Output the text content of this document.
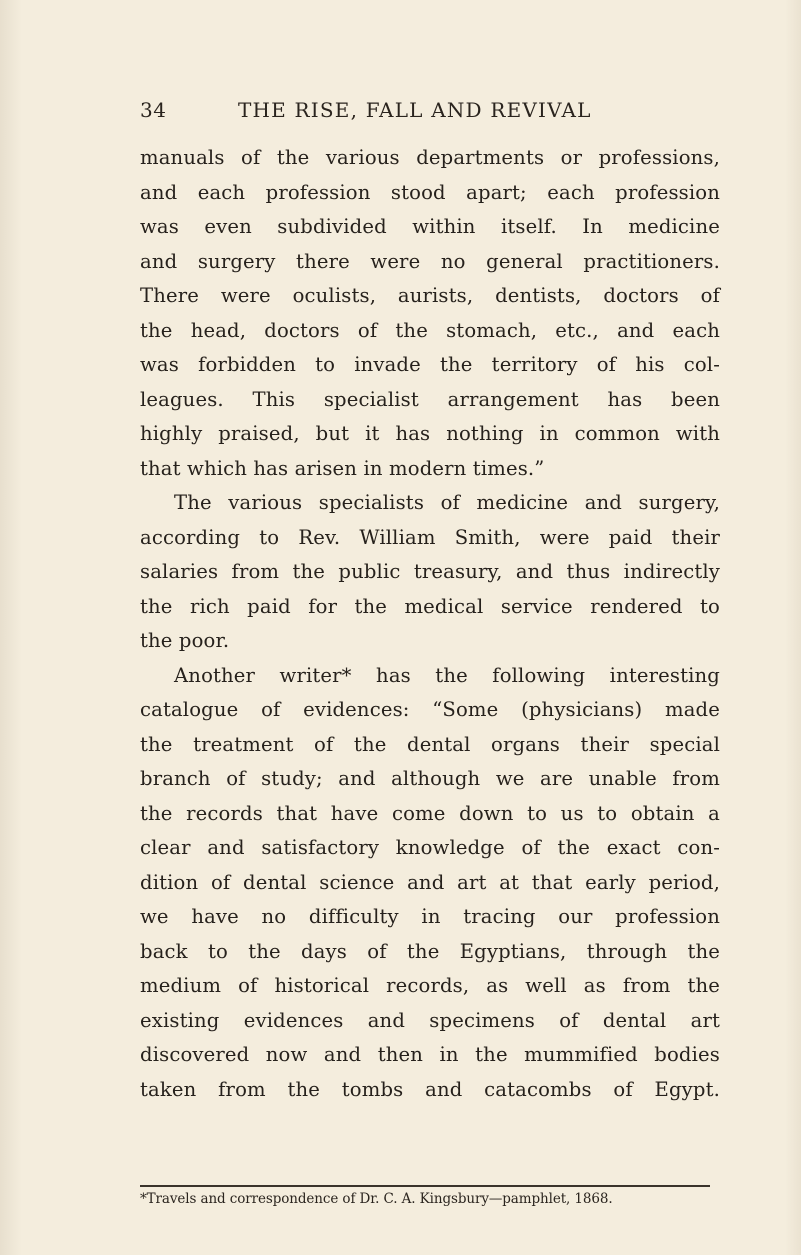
34	THE RISE, FALL AND REVIVAL
manuals of the various departments or professions,
and each profession stood apart; each profession
was even subdivided within itself. In medicine
and surgery there were no general practitioners.
There were oculists, aurists, dentists, doctors of
the head, doctors of the stomach, etc., and each
was forbidden to invade the territory of his col-
leagues. This specialist arrangement has been
highly praised, but it has nothing in common with
that which has arisen in modern times.”
The various specialists of medicine and surgery,
according to Rev. William Smith, were paid their
salaries from the public treasury, and thus indirectly
the rich paid for the medical service rendered to
the poor.
Another writer* has the following interesting
catalogue of evidences: “Some (physicians) made
the treatment of the dental organs their special
branch of study; and although we are unable from
the records that have come down to us to obtain a
clear and satisfactory knowledge of the exact con-
dition of dental science and art at that early period,
we have no difficulty in tracing our profession
back to the days of the Egyptians, through the
medium of historical records, as well as from the
existing evidences and specimens of dental art
discovered now and then in the mummified bodies
taken from the tombs and catacombs of Egypt.
*Travels and correspondence of Dr. C. A. Kingsbury—pamphlet, 1868.
